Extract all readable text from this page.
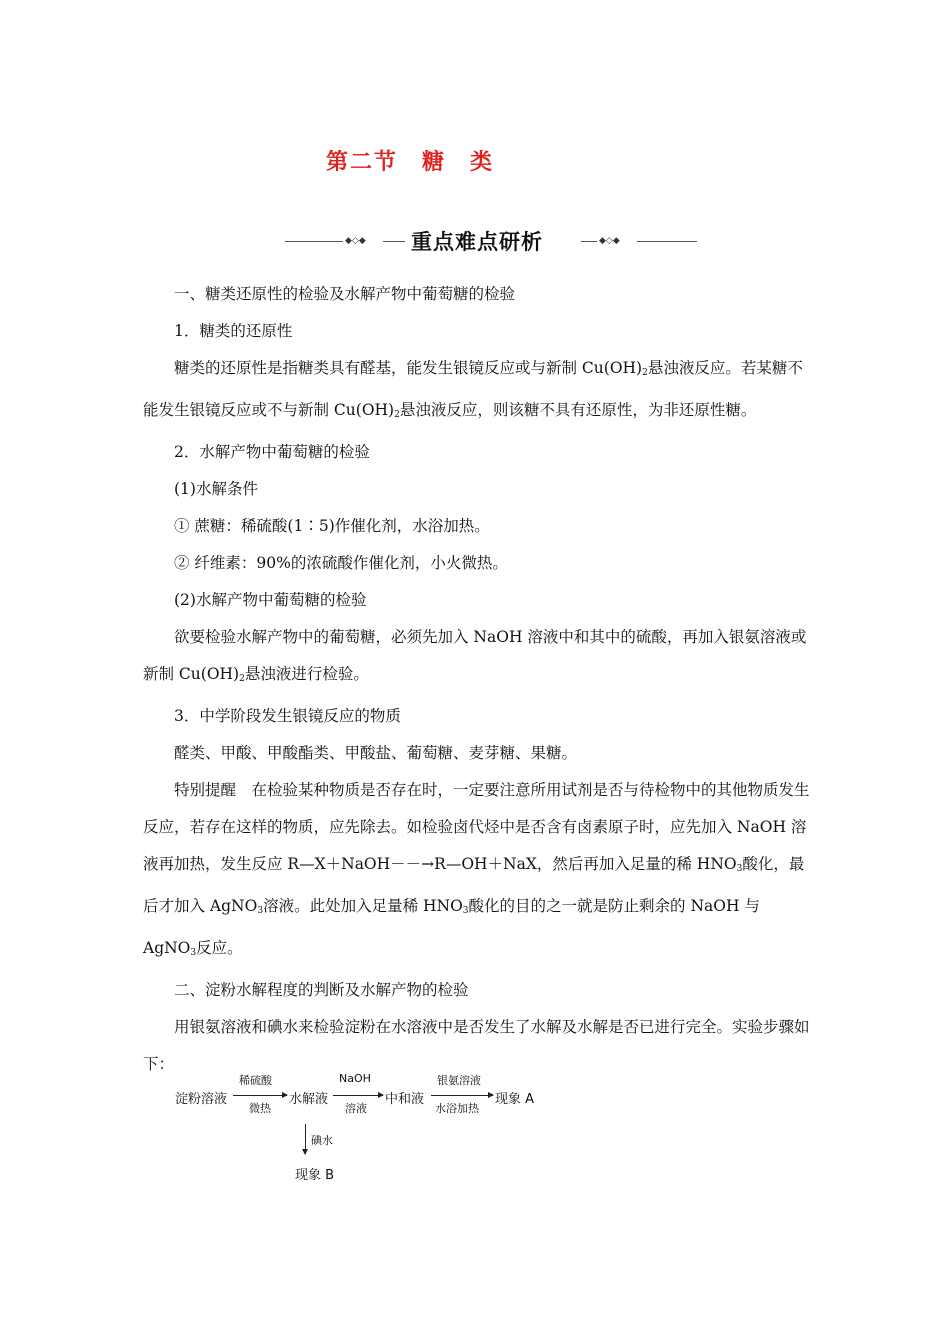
第二节　糖　类
◆◇◆ 重点难点研析	◆◇◆

一、糖类还原性的检验及水解产物中葡萄糖的检验

1．糖类的还原性

糖类的还原性是指糖类具有醛基，能发生银镜反应或与新制 $Cu(OH)_2$悬浊液反应。若某糖不能发生银镜反应或不与新制 $Cu(OH)_2$悬浊液反应，则该糖不具有还原性，为非还原性糖。

2．水解产物中葡萄糖的检验

(1)水解条件

① 蔗糖：稀硫酸(1∶5)作催化剂，水浴加热。

② 纤维素：90%的浓硫酸作催化剂，小火微热。

(2)水解产物中葡萄糖的检验

欲要检验水解产物中的葡萄糖，必须先加入 NaOH 溶液中和其中的硫酸，再加入银氨溶液或新制 $Cu(OH)_2$悬浊液进行检验。

3．中学阶段发生银镜反应的物质

醛类、甲酸、甲酸酯类、甲酸盐、葡萄糖、麦芽糖、果糖。

特别提醒　在检验某种物质是否存在时，一定要注意所用试剂是否与待检物中的其他物质发生反应，若存在这样的物质，应先除去。如检验卤代烃中是否含有卤素原子时，应先加入 NaOH 溶液再加热，发生反应 R—X＋NaOH－－→R—OH＋NaX，然后再加入足量的稀 $HNO_3$酸化，最后才加入 AgNO$_3$溶液。此处加入足量稀 $HNO_3$酸化的目的之一就是防止剩余的 NaOH 与 AgNO$_3$反应。

二、淀粉水解程度的判断及水解产物的检验

用银氨溶液和碘水来检验淀粉在水溶液中是否发生了水解及水解是否已进行完全。实验步骤如下：

淀粉溶液
稀硫酸
微热
水解液
NaOH
溶液
中和液
银氨溶液
水浴加热
现象 A
碘水
现象 B
